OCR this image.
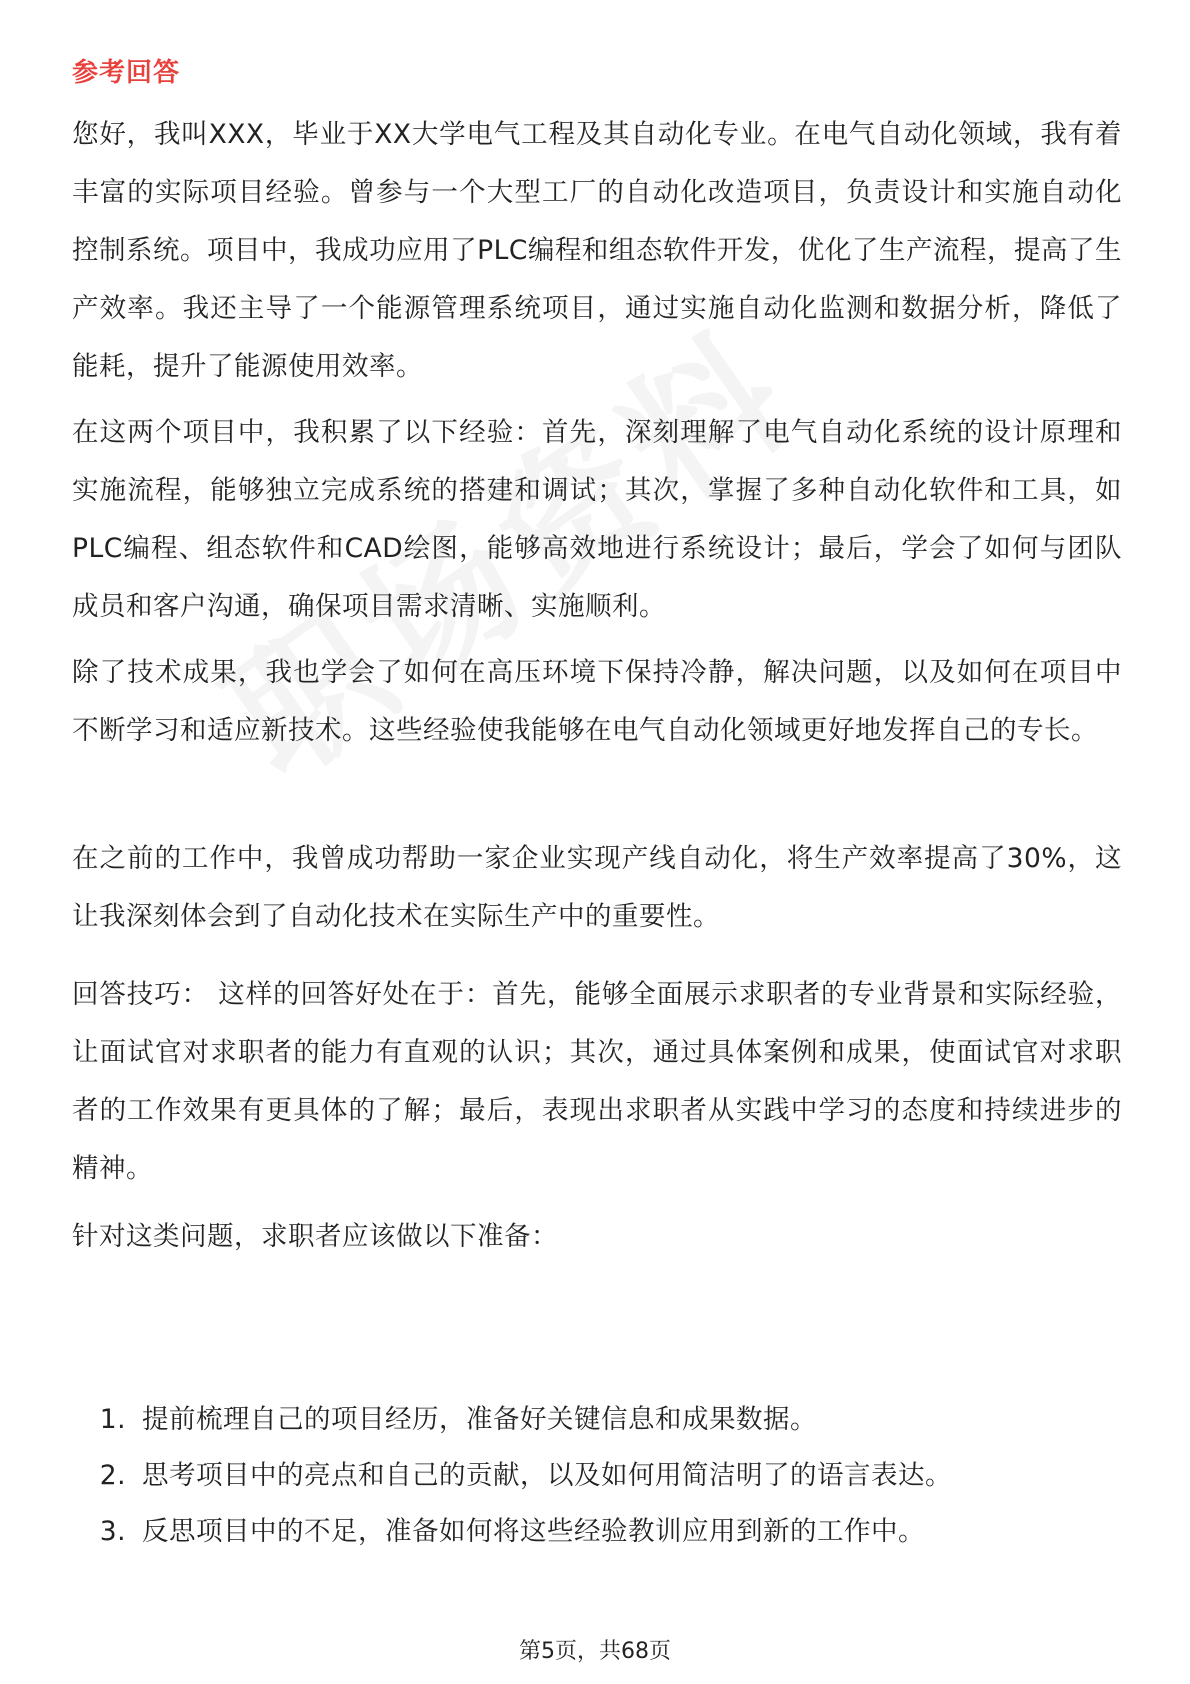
参考回答

您好，我叫XXX，毕业于XX大学电气工程及其自动化专业。在电气自动化领域，我有着丰富的实际项目经验。曾参与一个大型工厂的自动化改造项目，负责设计和实施自动化控制系统。项目中，我成功应用了PLC编程和组态软件开发，优化了生产流程，提高了生产效率。我还主导了一个能源管理系统项目，通过实施自动化监测和数据分析，降低了能耗，提升了能源使用效率。

在这两个项目中，我积累了以下经验：首先，深刻理解了电气自动化系统的设计原理和实施流程，能够独立完成系统的搭建和调试；其次，掌握了多种自动化软件和工具，如PLC编程、组态软件和CAD绘图，能够高效地进行系统设计；最后，学会了如何与团队成员和客户沟通，确保项目需求清晰、实施顺利。

除了技术成果，我也学会了如何在高压环境下保持冷静，解决问题，以及如何在项目中不断学习和适应新技术。这些经验使我能够在电气自动化领域更好地发挥自己的专长。

在之前的工作中，我曾成功帮助一家企业实现产线自动化，将生产效率提高了30%，这让我深刻体会到了自动化技术在实际生产中的重要性。

回答技巧： 这样的回答好处在于：首先，能够全面展示求职者的专业背景和实际经验，让面试官对求职者的能力有直观的认识；其次，通过具体案例和成果，使面试官对求职者的工作效果有更具体的了解；最后，表现出求职者从实践中学习的态度和持续进步的精神。

针对这类问题，求职者应该做以下准备：

1. 提前梳理自己的项目经历，准备好关键信息和成果数据。
2. 思考项目中的亮点和自己的贡献，以及如何用简洁明了的语言表达。
3. 反思项目中的不足，准备如何将这些经验教训应用到新的工作中。
第5页，共68页
